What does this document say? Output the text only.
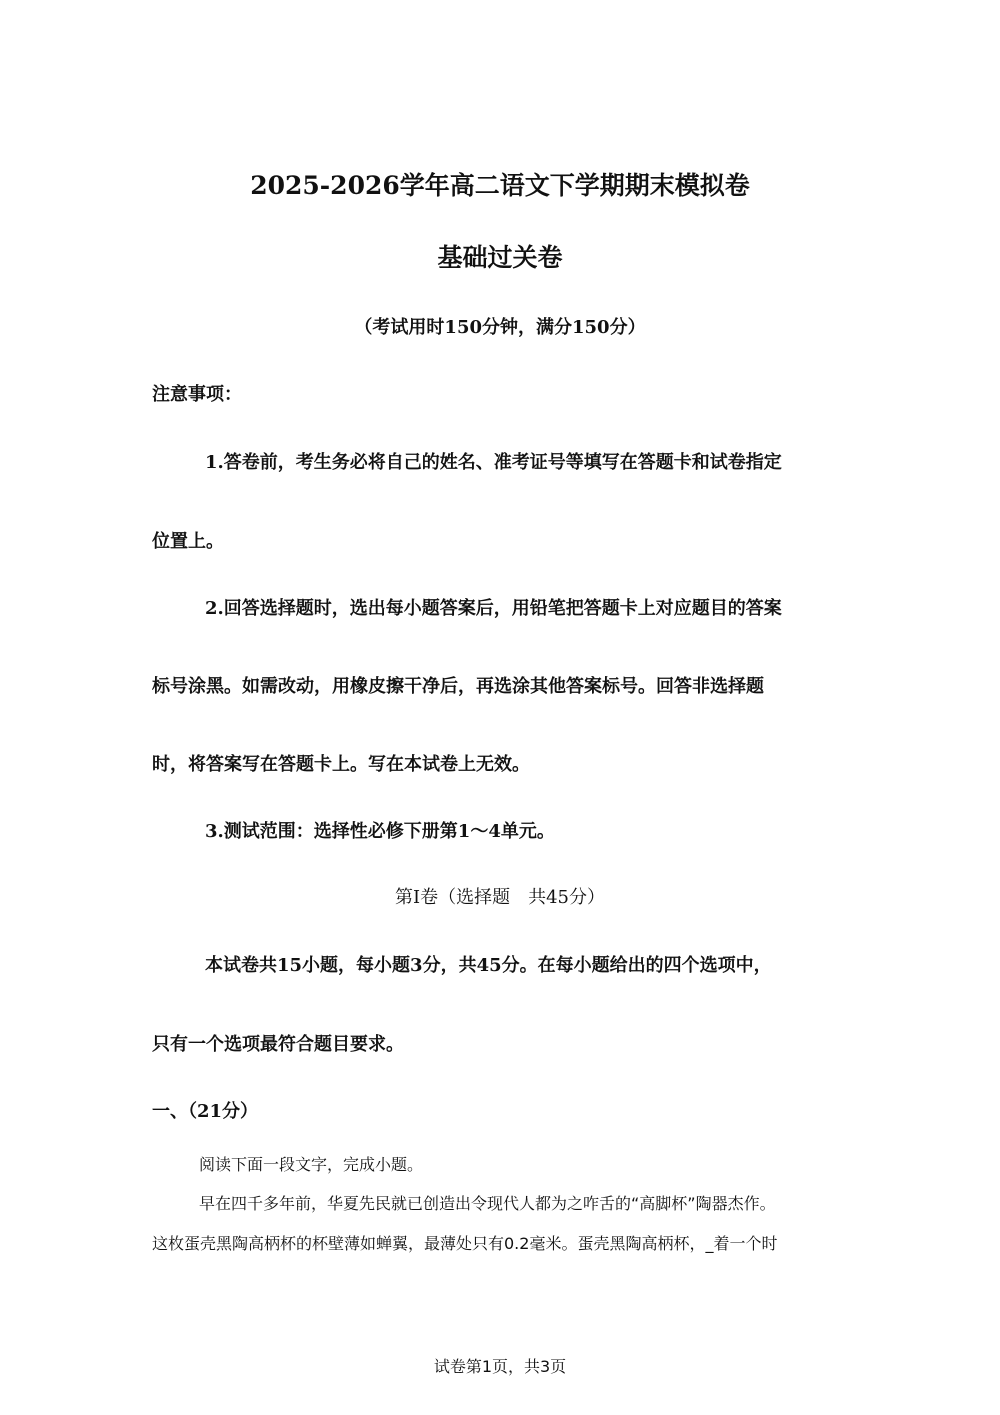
2025-2026学年高二语文下学期期末模拟卷
基础过关卷
（考试用时150分钟，满分150分）
注意事项：
1.答卷前，考生务必将自己的姓名、准考证号等填写在答题卡和试卷指定
位置上。
2.回答选择题时，选出每小题答案后，用铅笔把答题卡上对应题目的答案
标号涂黑。如需改动，用橡皮擦干净后，再选涂其他答案标号。回答非选择题
时，将答案写在答题卡上。写在本试卷上无效。
3.测试范围：选择性必修下册第1～4单元。
第Ⅰ卷（选择题　共45分）
本试卷共15小题，每小题3分，共45分。在每小题给出的四个选项中，
只有一个选项最符合题目要求。
一、（21分）
阅读下面一段文字，完成小题。
早在四千多年前，华夏先民就已创造出令现代人都为之咋舌的“高脚杯”陶器杰作。
这枚蛋壳黑陶高柄杯的杯壁薄如蝉翼，最薄处只有0.2毫米。蛋壳黑陶高柄杯，_着一个时
试卷第1页，共3页
